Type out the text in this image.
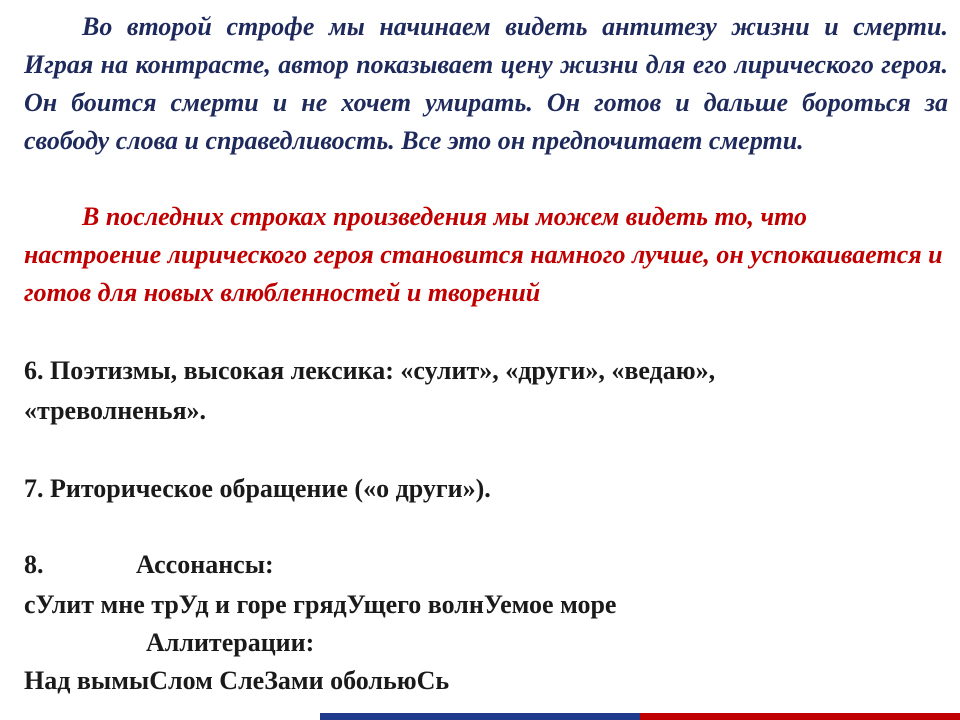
Во второй строфе мы начинаем видеть антитезу жизни и смерти. Играя на контрасте, автор показывает цену жизни для его лирического героя. Он боится смерти и не хочет умирать. Он готов и дальше бороться за свободу слова и справедливость. Все это он предпочитает смерти.

В последних строках произведения мы можем видеть то, что настроение лирического героя становится намного лучше, он успокаивается и готов для новых влюбленностей и творений

6. Поэтизмы, высокая лексика: «сулит», «други», «ведаю»,

«треволненья».

7. Риторическое обращение («о други»).

8.	Ассонансы:

сУлит мне трУд и горе грядУщего волнУемое море

Аллитерации:

Над вымыСлом СлеЗами обольюСь
